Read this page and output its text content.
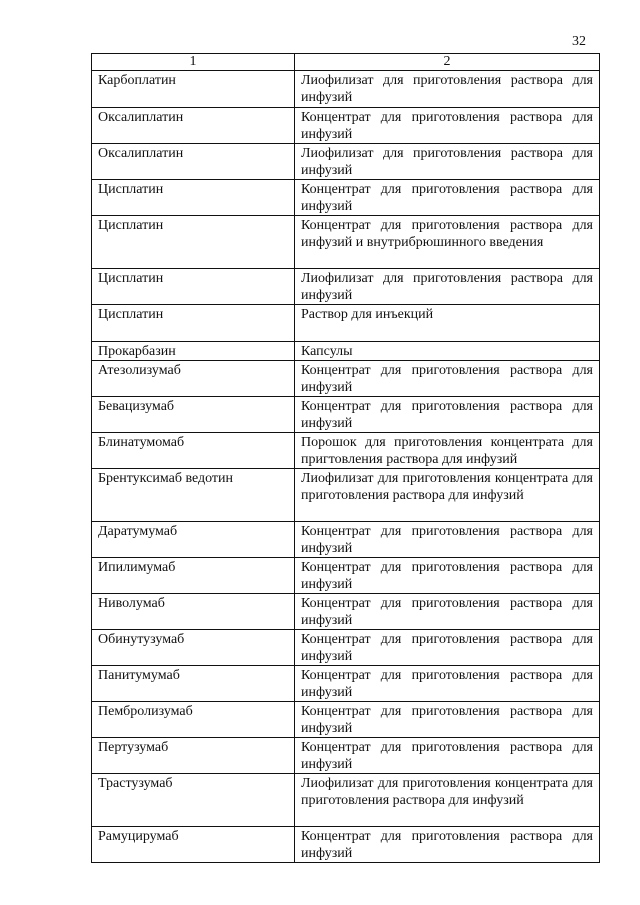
32
1	2
Карбоплатин	Лиофилизат для приготовления раствора для инфузий
Оксалиплатин	Концентрат для приготовления раствора для инфузий
Оксалиплатин	Лиофилизат для приготовления раствора для инфузий
Цисплатин	Концентрат для приготовления раствора для инфузий
Цисплатин	Концентрат для приготовления раствора для инфузий и внутрибрюшинного введения
Цисплатин	Лиофилизат для приготовления раствора для инфузий
Цисплатин	Раствор для инъекций
Прокарбазин	Капсулы
Атезолизумаб	Концентрат для приготовления раствора для инфузий
Бевацизумаб	Концентрат для приготовления раствора для инфузий
Блинатумомаб	Порошок для приготовления концентрата для пригтовления раствора для инфузий
Брентуксимаб ведотин	Лиофилизат для приготовления концентрата для приготовления раствора для инфузий
Даратумумаб	Концентрат для приготовления раствора для инфузий
Ипилимумаб	Концентрат для приготовления раствора для инфузий
Ниволумаб	Концентрат для приготовления раствора для инфузий
Обинутузумаб	Концентрат для приготовления раствора для инфузий
Панитумумаб	Концентрат для приготовления раствора для инфузий
Пембролизумаб	Концентрат для приготовления раствора для инфузий
Пертузумаб	Концентрат для приготовления раствора для инфузий
Трастузумаб	Лиофилизат для приготовления концентрата для приготовления раствора для инфузий
Рамуцирумаб	Концентрат для приготовления раствора для инфузий
